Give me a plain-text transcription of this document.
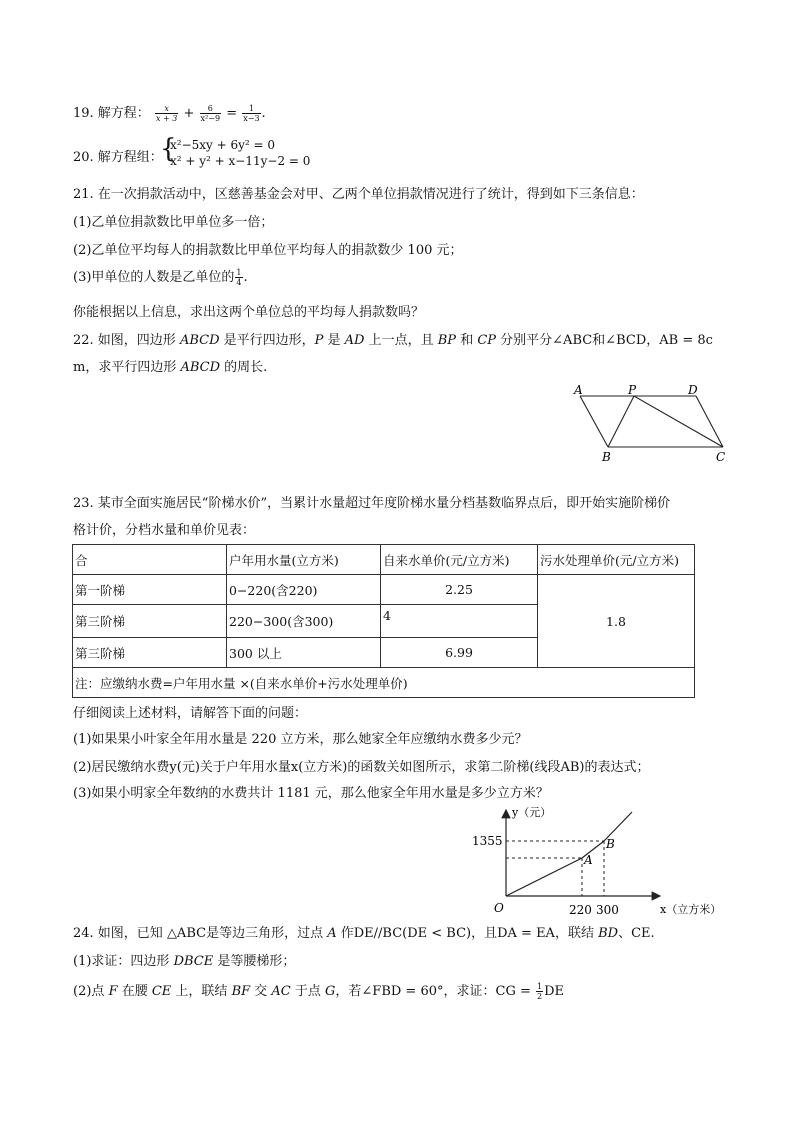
19. 解方程： $\frac{x}{x + 3} + \frac{6}{\text{x²−9}} = \frac{1}{x-3}$ .
20. 解方程组：
{
x²−5xy + 6y² = 0
x² + y² + x−11y−2 = 0
21. 在一次捐款活动中，区慈善基金会对甲、乙两个单位捐款情况进行了统计，得到如下三条信息：
(1)乙单位捐款数比甲单位多一倍；
(2)乙单位平均每人的捐款数比甲单位平均每人的捐款数少 100 元；
(3)甲单位的人数是乙单位的 $\frac{1}{4}$ .
你能根据以上信息，求出这两个单位总的平均每人捐款数吗？
22. 如图，四边形 ABCD 是平行四边形，P 是 AD 上一点，且 BP 和 CP 分别平分∠ABC和∠BCD，AB = 8c
m，求平行四边形 ABCD 的周长.
A	P	D
B	C
23. 某市全面实施居民“阶梯水价”，当累计水量超过年度阶梯水量分档基数临界点后，即开始实施阶梯价
格计价，分档水量和单价见表：
合	户年用水量(立方米)	自来水单价(元/立方米)	污水处理单价(元/立方米)
第一阶梯	0−220(含220)	2.25	1.8
第三阶梯	220−300(含300)	4	
第三阶梯	300 以上	6.99	
注：应缴纳水费=户年用水量 ×(自来水单价+污水处理单价)			
仔细阅读上述材料，请解答下面的问题：
(1)如果果小叶家全年用水量是 220 立方米，那么她家全年应缴纳水费多少元？
(2)居民缴纳水费y(元)关于户年用水量x(立方米)的函数关如图所示，求第二阶梯(线段AB)的表达式；
(3)如果小明家全年数纳的水费共计 1181 元，那么他家全年用水量是多少立方米？
y（元）
1355
A
B
O	220 300	x（立方米）
24. 如图，已知 △ABC是等边三角形，过点 A 作DE//BC(DE < BC)，且DA = EA，联结 BD、CE.
(1)求证：四边形 DBCE 是等腰梯形；
(2)点 F 在腰 CE 上，联结 BF 交 AC 于点 G，若∠FBD = 60°，求证：CG = $\frac{1}{2}$ DE
